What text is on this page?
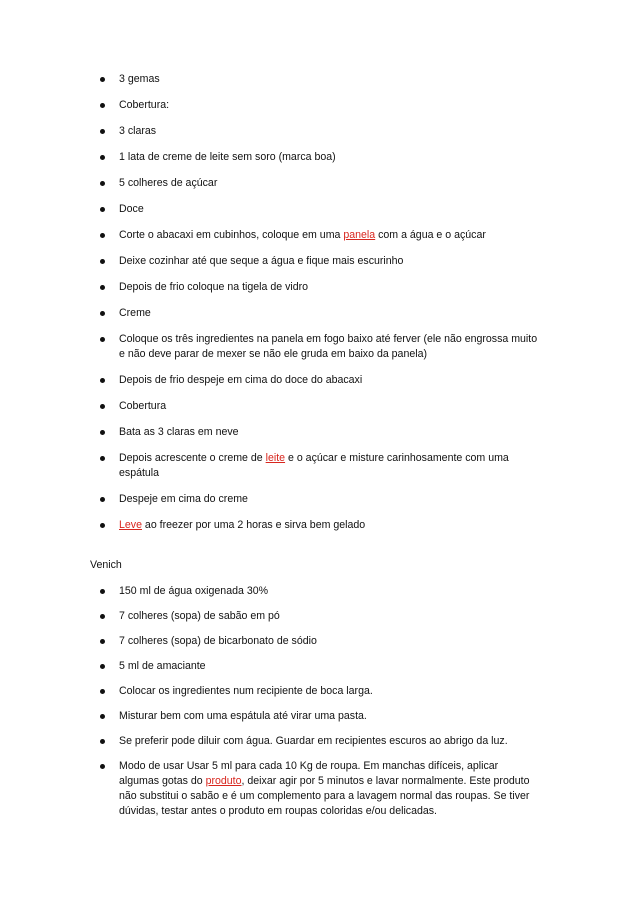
3 gemas
Cobertura:
3 claras
1 lata de creme de leite sem soro (marca boa)
5 colheres de açúcar
Doce
Corte o abacaxi em cubinhos, coloque em uma panela com a água e o açúcar
Deixe cozinhar até que seque a água e fique mais escurinho
Depois de frio coloque na tigela de vidro
Creme
Coloque os três ingredientes na panela em fogo baixo até ferver (ele não engrossa muito e não deve parar de mexer se não ele gruda em baixo da panela)
Depois de frio despeje em cima do doce do abacaxi
Cobertura
Bata as 3 claras em neve
Depois acrescente o creme de leite e o açúcar e misture carinhosamente com uma espátula
Despeje em cima do creme
Leve ao freezer por uma 2 horas e sirva bem gelado
Venich
150 ml de água oxigenada 30%
7 colheres (sopa) de sabão em pó
7 colheres (sopa) de bicarbonato de sódio
5 ml de amaciante
Colocar os ingredientes num recipiente de boca larga.
Misturar bem com uma espátula até virar uma pasta.
Se preferir pode diluir com água. Guardar em recipientes escuros ao abrigo da luz.
Modo de usar Usar 5 ml para cada 10 Kg de roupa. Em manchas difíceis, aplicar algumas gotas do produto, deixar agir por 5 minutos e lavar normalmente. Este produto não substitui o sabão e é um complemento para a lavagem normal das roupas. Se tiver dúvidas, testar antes o produto em roupas coloridas e/ou delicadas.
